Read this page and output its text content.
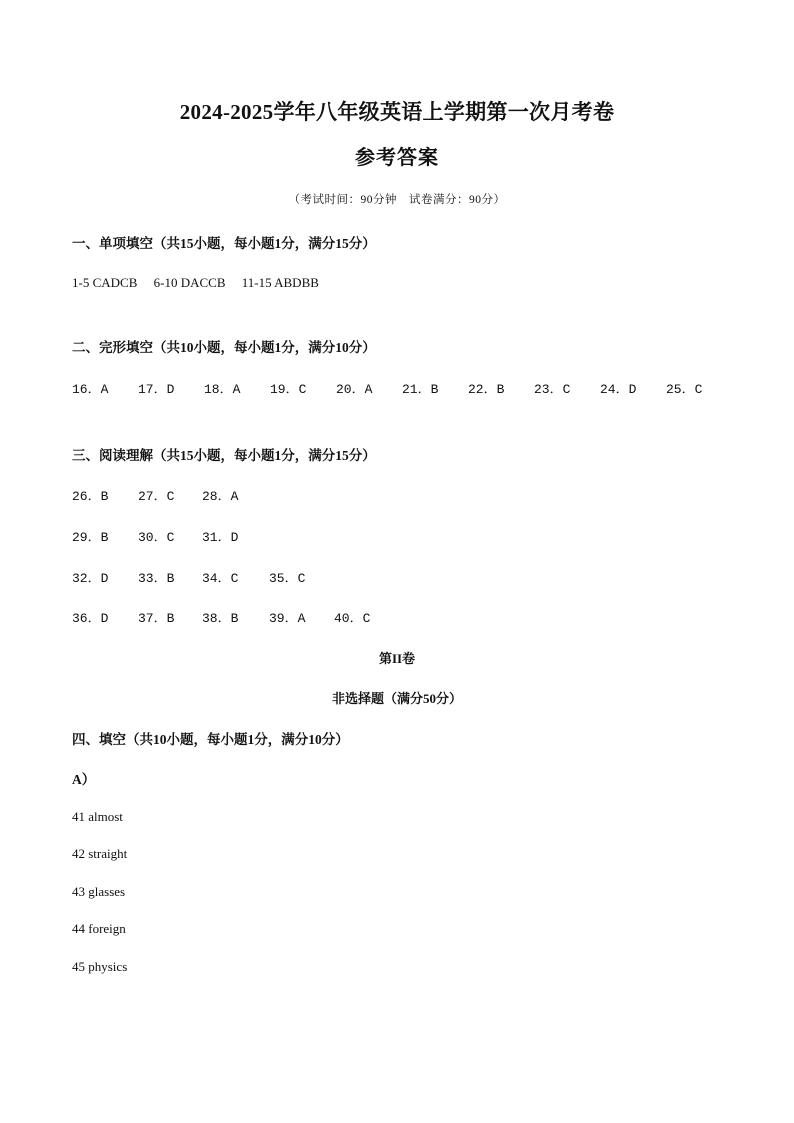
2024-2025学年八年级英语上学期第一次月考卷
参考答案
（考试时间：90分钟　试卷满分：90分）
一、单项填空（共15小题，每小题1分，满分15分）
1-5 CADCB　 6-10 DACCB　 11-15 ABDBB
二、完形填空（共10小题，每小题1分，满分10分）
16．A 17．D 18．A 19．C 20．A 21．B 22．B 23．C 24．D 25．C
三、阅读理解（共15小题，每小题1分，满分15分）
26．B 27．C 28．A
29．B 30．C 31．D
32．D 33．B 34．C 35．C
36．D 37．B 38．B 39．A 40．C
第II卷
非选择题（满分50分）
四、填空（共10小题，每小题1分，满分10分）
A）
41 almost
42 straight
43 glasses
44 foreign
45 physics
